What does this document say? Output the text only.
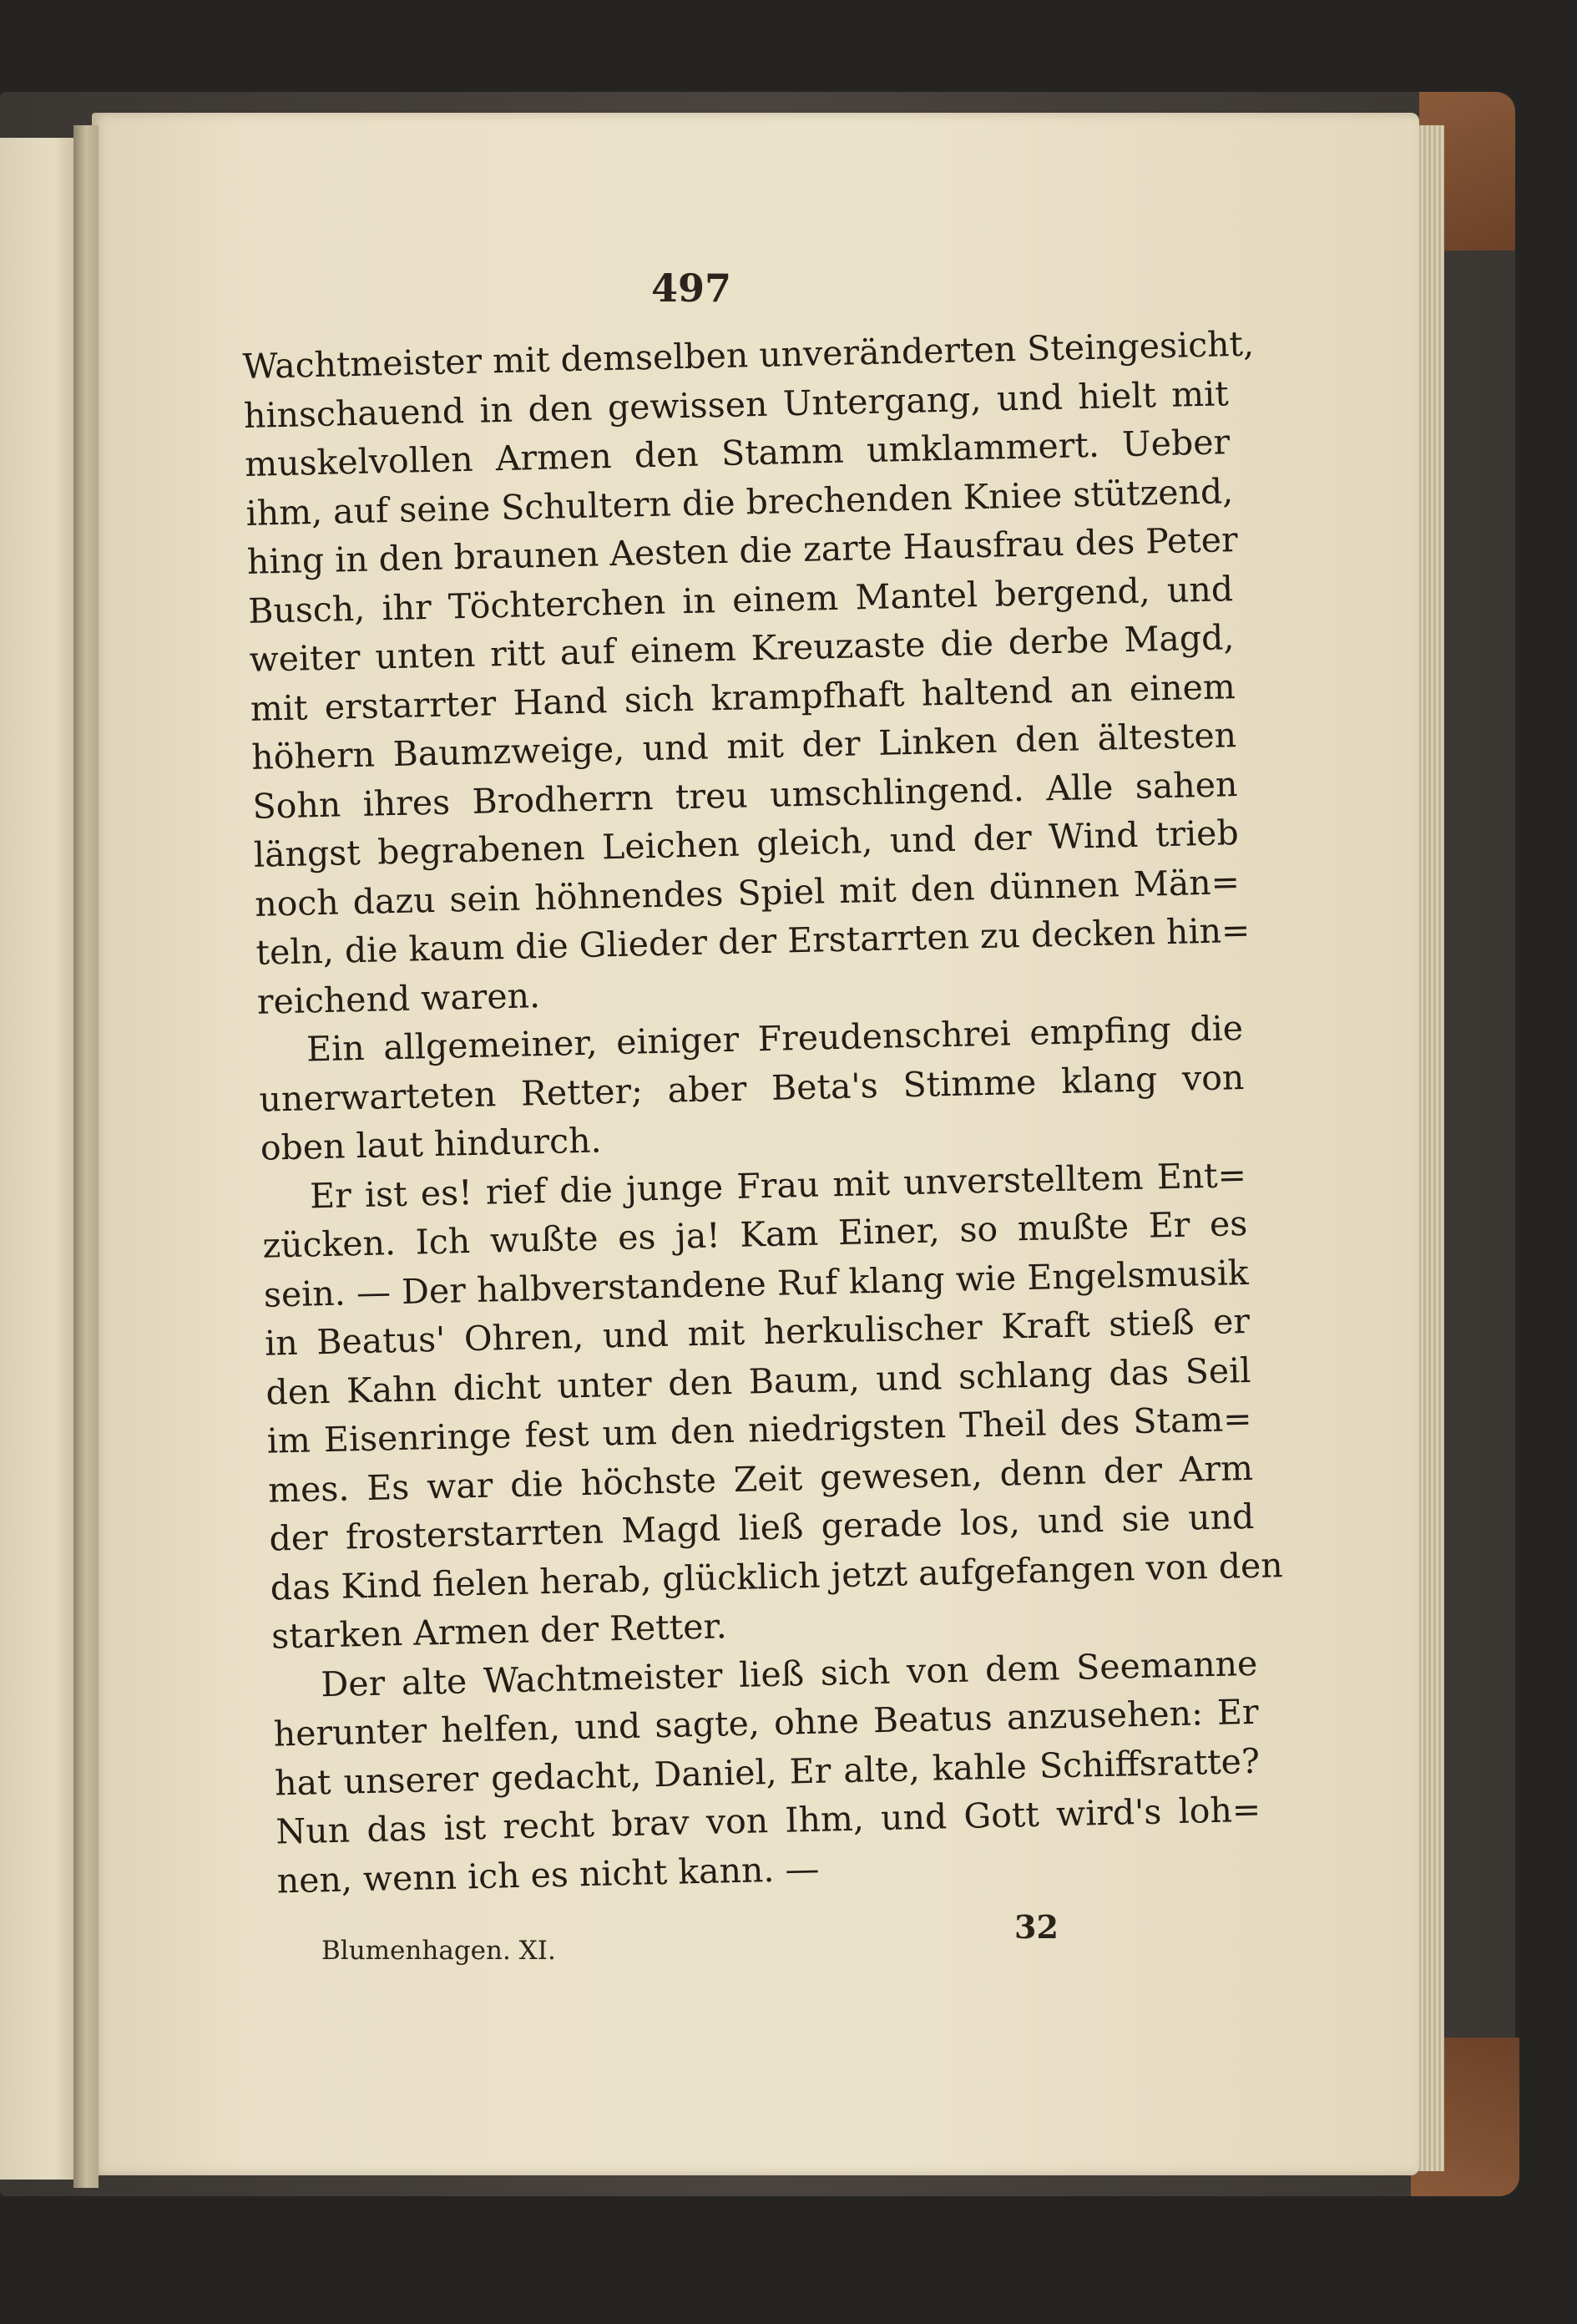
497
Wachtmeister mit demselben unveränderten Steingesicht,
hinschauend in den gewissen Untergang, und hielt mit
muskelvollen Armen den Stamm umklammert. Ueber
ihm, auf seine Schultern die brechenden Kniee stützend,
hing in den braunen Aesten die zarte Hausfrau des Peter
Busch, ihr Töchterchen in einem Mantel bergend, und
weiter unten ritt auf einem Kreuzaste die derbe Magd,
mit erstarrter Hand sich krampfhaft haltend an einem
höhern Baumzweige, und mit der Linken den ältesten
Sohn ihres Brodherrn treu umschlingend. Alle sahen
längst begrabenen Leichen gleich, und der Wind trieb
noch dazu sein höhnendes Spiel mit den dünnen Män=
teln, die kaum die Glieder der Erstarrten zu decken hin=
reichend waren.
Ein allgemeiner, einiger Freudenschrei empfing die
unerwarteten Retter; aber Beta's Stimme klang von
oben laut hindurch.
Er ist es! rief die junge Frau mit unverstelltem Ent=
zücken. Ich wußte es ja! Kam Einer, so mußte Er es
sein. — Der halbverstandene Ruf klang wie Engelsmusik
in Beatus' Ohren, und mit herkulischer Kraft stieß er
den Kahn dicht unter den Baum, und schlang das Seil
im Eisenringe fest um den niedrigsten Theil des Stam=
mes. Es war die höchste Zeit gewesen, denn der Arm
der frosterstarrten Magd ließ gerade los, und sie und
das Kind fielen herab, glücklich jetzt aufgefangen von den
starken Armen der Retter.
Der alte Wachtmeister ließ sich von dem Seemanne
herunter helfen, und sagte, ohne Beatus anzusehen: Er
hat unserer gedacht, Daniel, Er alte, kahle Schiffsratte?
Nun das ist recht brav von Ihm, und Gott wird's loh=
nen, wenn ich es nicht kann. —
Blumenhagen. XI.
32
